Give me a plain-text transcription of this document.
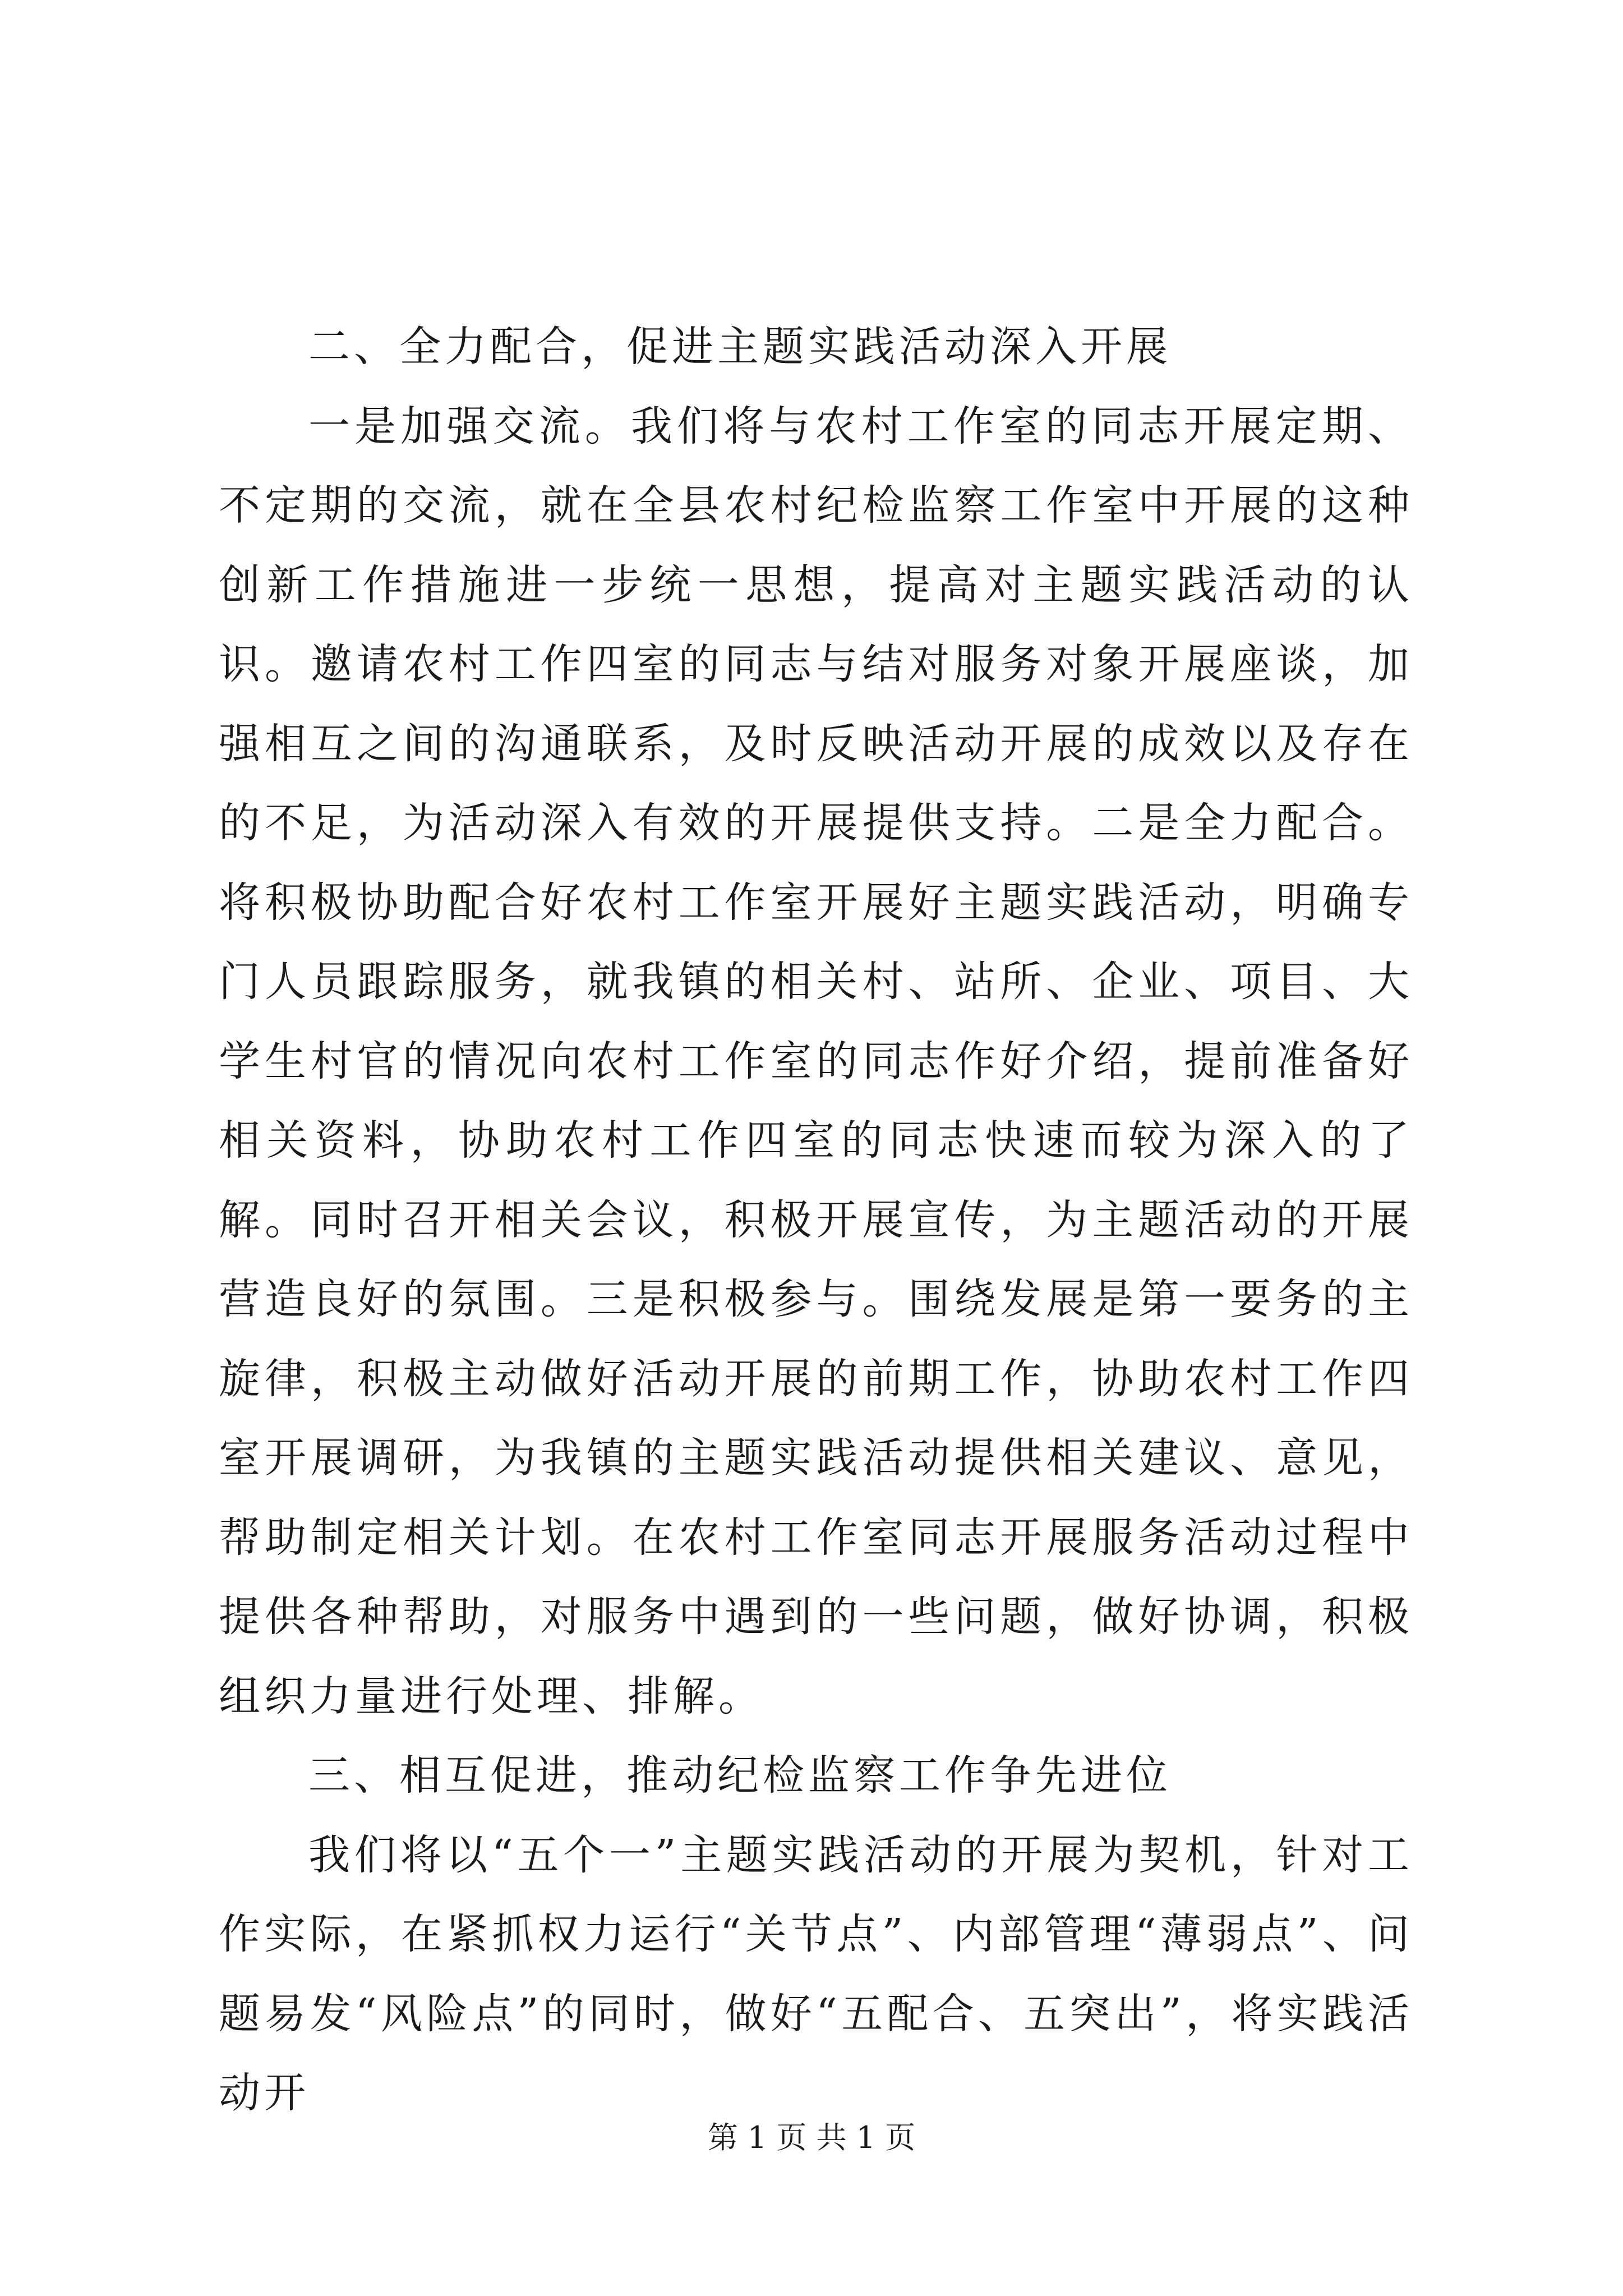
二、全力配合，促进主题实践活动深入开展

一是加强交流。我们将与农村工作室的同志开展定期、不定期的交流，就在全县农村纪检监察工作室中开展的这种创新工作措施进一步统一思想，提高对主题实践活动的认识。邀请农村工作四室的同志与结对服务对象开展座谈，加强相互之间的沟通联系，及时反映活动开展的成效以及存在的不足，为活动深入有效的开展提供支持。二是全力配合。将积极协助配合好农村工作室开展好主题实践活动，明确专门人员跟踪服务，就我镇的相关村、站所、企业、项目、大学生村官的情况向农村工作室的同志作好介绍，提前准备好相关资料，协助农村工作四室的同志快速而较为深入的了解。同时召开相关会议，积极开展宣传，为主题活动的开展营造良好的氛围。三是积极参与。围绕发展是第一要务的主旋律，积极主动做好活动开展的前期工作，协助农村工作四室开展调研，为我镇的主题实践活动提供相关建议、意见，帮助制定相关计划。在农村工作室同志开展服务活动过程中提供各种帮助，对服务中遇到的一些问题，做好协调，积极组织力量进行处理、排解。

三、相互促进，推动纪检监察工作争先进位

我们将以“五个一”主题实践活动的开展为契机，针对工作实际，在紧抓权力运行“关节点”、内部管理“薄弱点”、问题易发“风险点”的同时，做好“五配合、五突出”，将实践活动开

第 1 页 共 1 页
